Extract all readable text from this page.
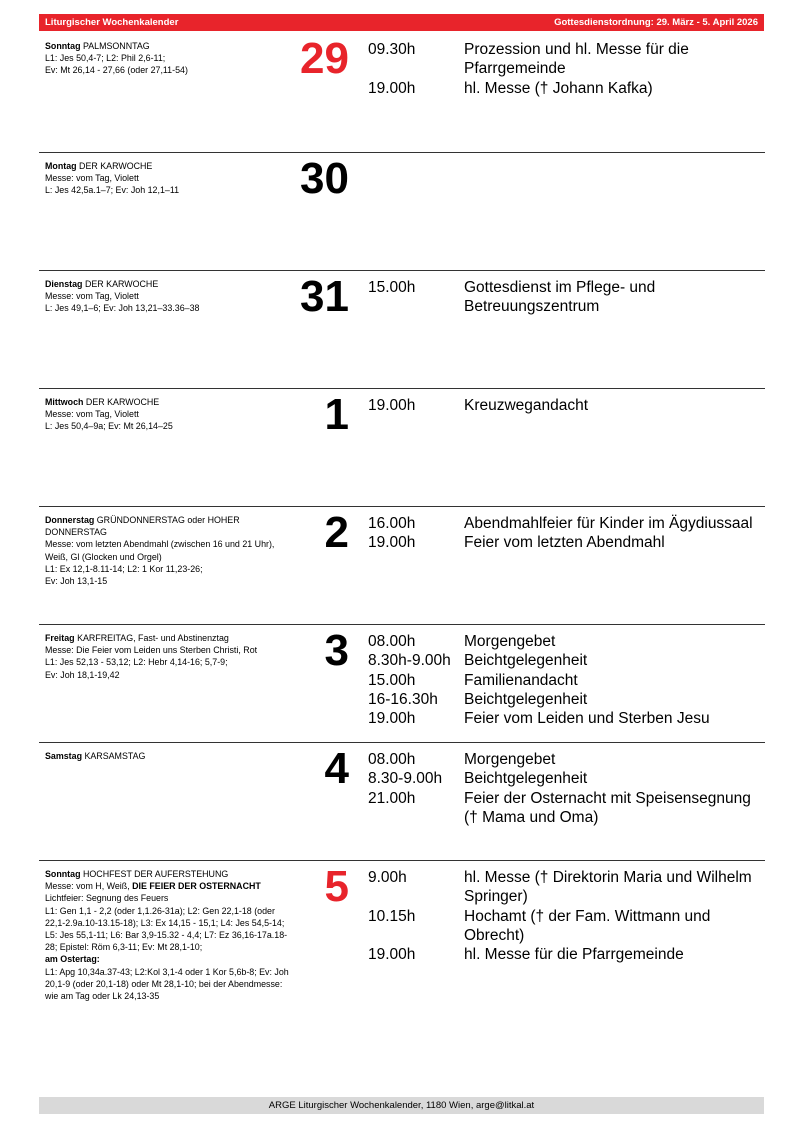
Liturgischer Wochenkalender	Gottesdienstordnung: 29. März - 5. April 2026
Sonntag PALMSONNTAG
L1: Jes 50,4-7; L2: Phil 2,6-11;
Ev: Mt 26,14 - 27,66 (oder 27,11-54)	29 09.30h	Prozession und hl. Messe für die Pfarrgemeinde
19.00h	hl. Messe († Johann Kafka)
Montag DER KARWOCHE
Messe: vom Tag, Violett
L: Jes 42,5a.1–7; Ev: Joh 12,1–11	30
Dienstag DER KARWOCHE
Messe: vom Tag, Violett
L: Jes 49,1–6; Ev: Joh 13,21–33.36–38	31 15.00h	Gottesdienst im Pflege- und Betreuungszentrum
Mittwoch DER KARWOCHE
Messe: vom Tag, Violett
L: Jes 50,4–9a; Ev: Mt 26,14–25	1 19.00h	Kreuzwegandacht
Donnerstag GRÜNDONNERSTAG oder HOHER DONNERSTAG
Messe: vom letzten Abendmahl (zwischen 16 und 21 Uhr), Weiß, Gl (Glocken und Orgel)
L1: Ex 12,1-8.11-14; L2: 1 Kor 11,23-26;
Ev: Joh 13,1-15
2 16.00h	Abendmahlfeier für Kinder im Ägydiussaal
19.00h	Feier vom letzten Abendmahl
Freitag KARFREITAG, Fast- und Abstinenztag
Messe: Die Feier vom Leiden uns Sterben Christi, Rot
L1: Jes 52,13 - 53,12; L2: Hebr 4,14-16; 5,7-9;
Ev: Joh 18,1-19,42	3 08.00h	Morgengebet
8.30h-9.00h Beichtgelegenheit
15.00h	Familienandacht
16-16.30h	Beichtgelegenheit
19.00h	Feier vom Leiden und Sterben Jesu
Samstag KARSAMSTAG	4 08.00h	Morgengebet
8.30-9.00h	Beichtgelegenheit
21.00h	Feier der Osternacht mit Speisensegnung († Mama und Oma)
Sonntag HOCHFEST DER AUFERSTEHUNG
Messe: vom H, Weiß, DIE FEIER DER OSTERNACHT Lichtfeier: Segnung des Feuers
L1: Gen 1,1 - 2,2 (oder 1,1.26-31a); L2: Gen 22,1-18 (oder 22,1-2.9a.10-13.15-18); L3: Ex 14,15 - 15,1; L4: Jes 54,5-14; L5: Jes 55,1-11; L6: Bar 3,9-15.32 - 4,4; L7: Ez 36,16-17a.18-28; Epistel: Röm 6,3-11; Ev: Mt 28,1-10;
am Ostertag:
L1: Apg 10,34a.37-43; L2:Kol 3,1-4 oder 1 Kor 5,6b-8; Ev: Joh 20,1-9 (oder 20,1-18) oder Mt 28,1-10; bei der Abendmesse: wie am Tag oder Lk 24,13-35
5 9.00h	hl. Messe († Direktorin Maria und Wilhelm Springer)
10.15h	Hochamt († der Fam. Wittmann und Obrecht)
19.00h	hl. Messe für die Pfarrgemeinde
ARGE Liturgischer Wochenkalender, 1180 Wien, arge@litkal.at
